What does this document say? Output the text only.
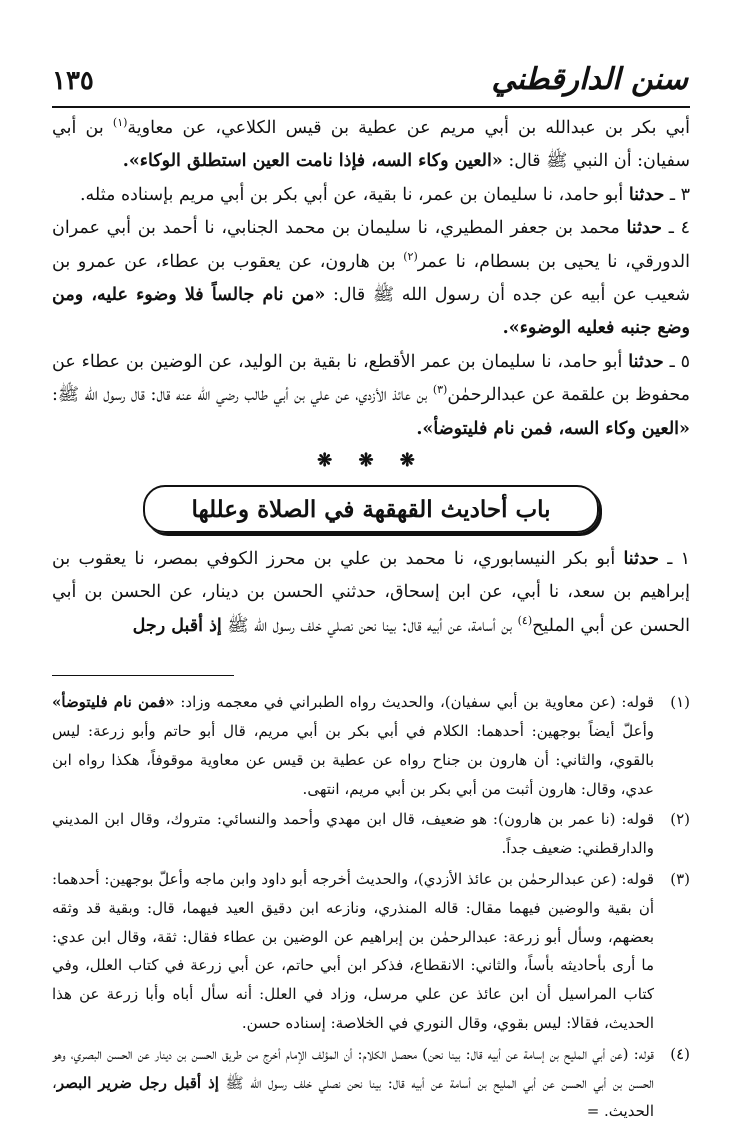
سنن الدارقطني
١٣٥

أبي بكر بن عبدالله بن أبي مريم عن عطية بن قيس الكلاعي، عن معاوية$^{(١)}$ بن أبي سفيان: أن النبي ﷺ قال: «العين وكاء السه، فإذا نامت العين استطلق الوكاء».

٣ ـ حدثنا أبو حامد، نا سليمان بن عمر، نا بقية، عن أبي بكر بن أبي مريم بإسناده مثله.

٤ ـ حدثنا محمد بن جعفر المطيري، نا سليمان بن محمد الجنابي، نا أحمد بن أبي عمران الدورقي، نا يحيى بن بسطام، نا عمر$^{(٢)}$ بن هارون، عن يعقوب بن عطاء، عن عمرو بن شعيب عن أبيه عن جده أن رسول الله ﷺ قال: «من نام جالساً فلا وضوء عليه، ومن وضع جنبه فعليه الوضوء».

٥ ـ حدثنا أبو حامد، نا سليمان بن عمر الأقطع، نا بقية بن الوليد، عن الوضين بن عطاء عن محفوظ بن علقمة عن عبدالرحمٰن$^{(٣)}$ بن عائذ الأزدي، عن علي بن أبي طالب رضي الله عنه قال: قال رسول الله ﷺ: «العين وكاء السه، فمن نام فليتوضأ».

❋ ❋ ❋
باب أحاديث القهقهة في الصلاة وعللها

١ ـ حدثنا أبو بكر النيسابوري، نا محمد بن علي بن محرز الكوفي بمصر، نا يعقوب بن إبراهيم بن سعد، نا أبي، عن ابن إسحاق، حدثني الحسن بن دينار، عن الحسن بن أبي الحسن عن أبي المليح$^{(٤)}$ بن أسامة، عن أبيه قال: بينا نحن نصلي خلف رسول الله ﷺ إذ أقبل رجل

(١)
قوله: (عن معاوية بن أبي سفيان)، والحديث رواه الطبراني في معجمه وزاد: «فمن نام فليتوضأ» وأعلّ أيضاً بوجهين: أحدهما: الكلام في أبي بكر بن أبي مريم، قال أبو حاتم وأبو زرعة: ليس بالقوي، والثاني: أن هارون بن جناح رواه عن عطية بن قيس عن معاوية موقوفاً، هكذا رواه ابن عدي، وقال: هارون أثبت من أبي بكر بن أبي مريم، انتهى.
(٢)
قوله: (نا عمر بن هارون): هو ضعيف، قال ابن مهدي وأحمد والنسائي: متروك، وقال ابن المديني والدارقطني: ضعيف جداً.
(٣)
قوله: (عن عبدالرحمٰن بن عائذ الأزدي)، والحديث أخرجه أبو داود وابن ماجه وأعلّ بوجهين: أحدهما: أن بقية والوضين فيهما مقال: قاله المنذري، ونازعه ابن دقيق العيد فيهما، قال: وبقية قد وثقه بعضهم، وسأل أبو زرعة: عبدالرحمٰن بن إبراهيم عن الوضين بن عطاء فقال: ثقة، وقال ابن عدي: ما أرى بأحاديثه بأساً، والثاني: الانقطاع، فذكر ابن أبي حاتم، عن أبي زرعة في كتاب العلل، وفي كتاب المراسيل أن ابن عائذ عن علي مرسل، وزاد في العلل: أنه سأل أباه وأبا زرعة عن هذا الحديث، فقالا: ليس بقوي، وقال النوري في الخلاصة: إسناده حسن.
(٤)
قوله: (عن أبي المليح بن إسامة عن أبيه قال: بينا نحن) محصل الكلام: أن المؤلف الإمام أخرج من طريق الحسن بن دينار عن الحسن البصري، وهو الحسن بن أبي الحسن عن أبي المليح بن أسامة عن أبيه قال: بينا نحن نصلي خلف رسول الله ﷺ إذ أقبل رجل ضرير البصر، الحديث. =
